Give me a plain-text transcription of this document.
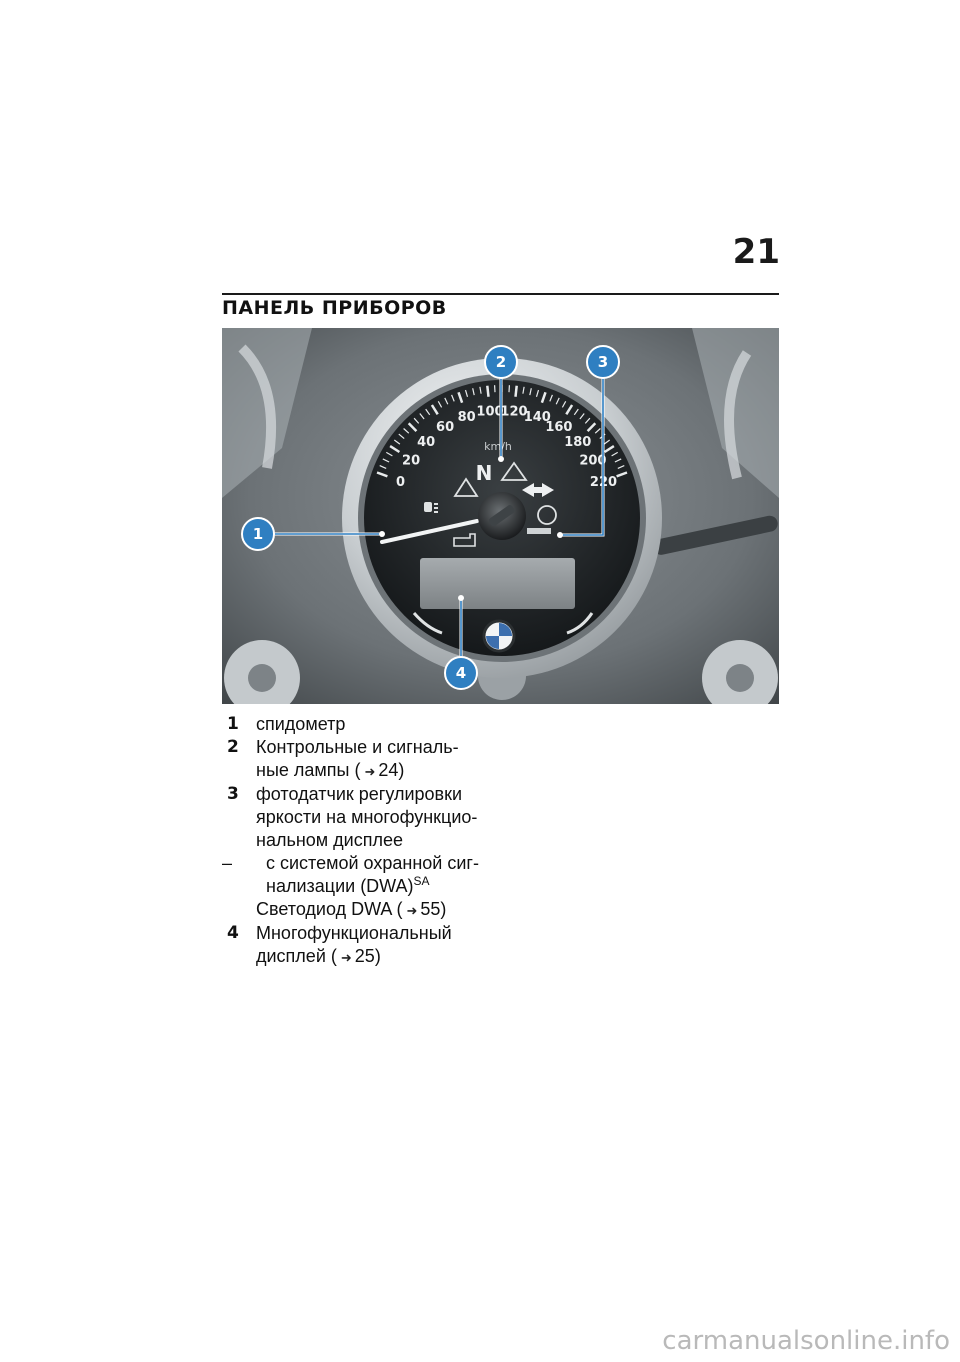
21
ПАНЕЛЬ ПРИБОРОВ
0
20
40
60
80 100
120
140
160
180
200
220
km/h
N
1
2	3
4
1 спидометр
2 Контрольные и сигналь-
ные лампы ( ➜ 24)
3 фотодатчик регулировки
яркости на многофункцио-
нальном дисплее
–	с системой охранной сиг-
нализации (DWA)$^{SA}$
Светодиод DWA ( ➜ 55)
4 Многофункциональный
дисплей ( ➜ 25)
carmanualsonline.info
